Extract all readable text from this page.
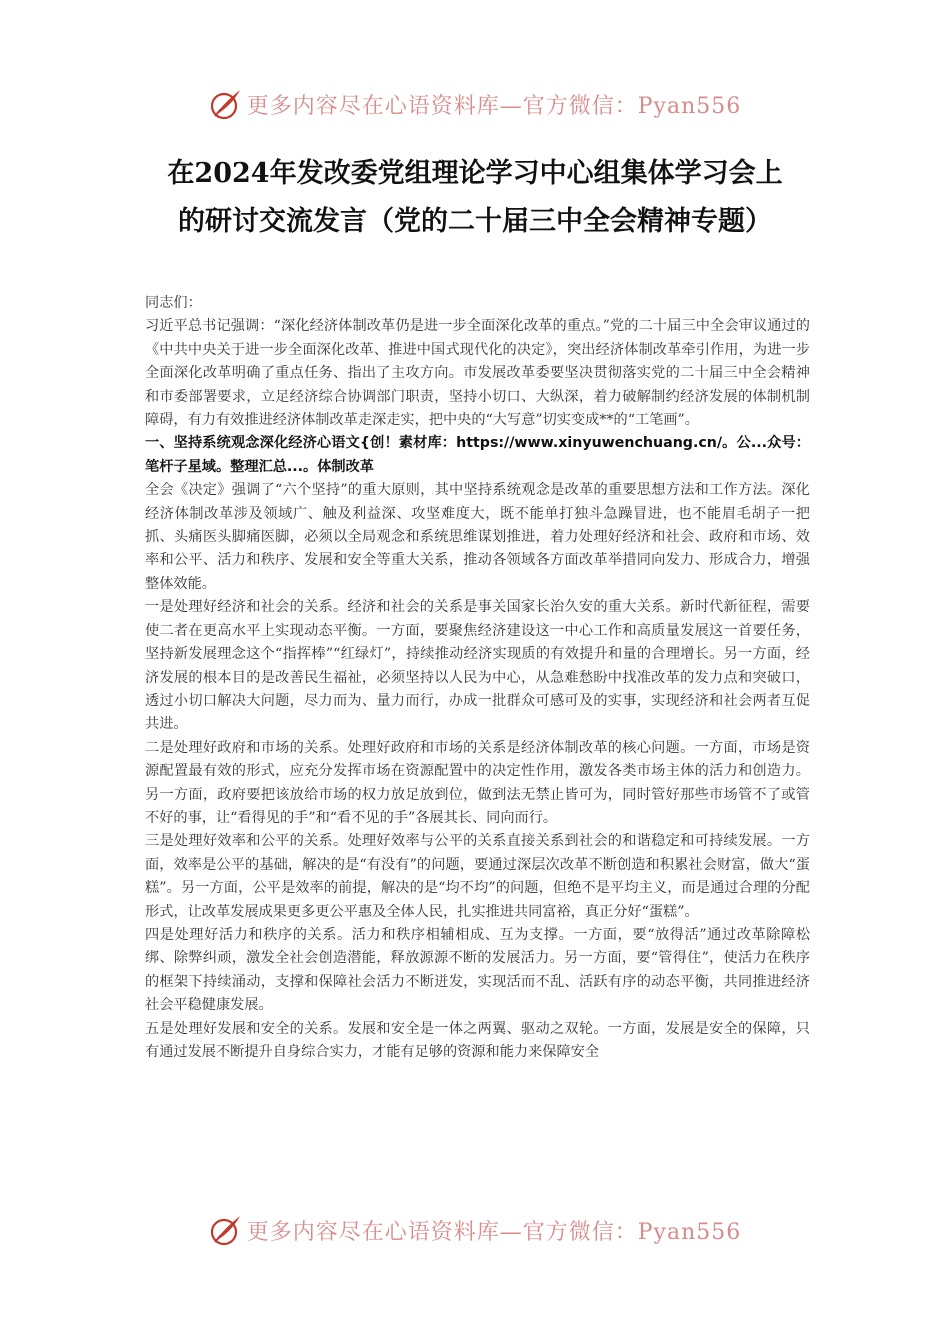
更多内容尽在心语资料库—官方微信：Pyan556
在2024年发改委党组理论学习中心组集体学习会上
的研讨交流发言（党的二十届三中全会精神专题）

同志们：

习近平总书记强调：“深化经济体制改革仍是进一步全面深化改革的重点。”党的二十届三中全会审议通过的《中共中央关于进一步全面深化改革、推进中国式现代化的决定》，突出经济体制改革牵引作用，为进一步全面深化改革明确了重点任务、指出了主攻方向。市发展改革委要坚决贯彻落实党的二十届三中全会精神和市委部署要求，立足经济综合协调部门职责，坚持小切口、大纵深，着力破解制约经济发展的体制机制障碍，有力有效推进经济体制改革走深走实，把中央的“大写意”切实变成**的“工笔画”。

一、坚持系统观念深化经济心语文{创！素材库：https://www.xinyuwenchuang.cn/。公...众号：笔杆子星域。整理汇总...。体制改革

全会《决定》强调了“六个坚持”的重大原则，其中坚持系统观念是改革的重要思想方法和工作方法。深化经济体制改革涉及领域广、触及利益深、攻坚难度大，既不能单打独斗急躁冒进，也不能眉毛胡子一把抓、头痛医头脚痛医脚，必须以全局观念和系统思维谋划推进，着力处理好经济和社会、政府和市场、效率和公平、活力和秩序、发展和安全等重大关系，推动各领域各方面改革举措同向发力、形成合力，增强整体效能。

一是处理好经济和社会的关系。经济和社会的关系是事关国家长治久安的重大关系。新时代新征程，需要使二者在更高水平上实现动态平衡。一方面，要聚焦经济建设这一中心工作和高质量发展这一首要任务，坚持新发展理念这个“指挥棒”“红绿灯”，持续推动经济实现质的有效提升和量的合理增长。另一方面，经济发展的根本目的是改善民生福祉，必须坚持以人民为中心，从急难愁盼中找准改革的发力点和突破口，透过小切口解决大问题，尽力而为、量力而行，办成一批群众可感可及的实事，实现经济和社会两者互促共进。

二是处理好政府和市场的关系。处理好政府和市场的关系是经济体制改革的核心问题。一方面，市场是资源配置最有效的形式，应充分发挥市场在资源配置中的决定性作用，激发各类市场主体的活力和创造力。另一方面，政府要把该放给市场的权力放足放到位，做到法无禁止皆可为，同时管好那些市场管不了或管不好的事，让“看得见的手”和“看不见的手”各展其长、同向而行。

三是处理好效率和公平的关系。处理好效率与公平的关系直接关系到社会的和谐稳定和可持续发展。一方面，效率是公平的基础，解决的是“有没有”的问题，要通过深层次改革不断创造和积累社会财富，做大“蛋糕”。另一方面，公平是效率的前提，解决的是“均不均”的问题，但绝不是平均主义，而是通过合理的分配形式，让改革发展成果更多更公平惠及全体人民，扎实推进共同富裕，真正分好“蛋糕”。

四是处理好活力和秩序的关系。活力和秩序相辅相成、互为支撑。一方面，要“放得活”通过改革除障松绑、除弊纠顽，激发全社会创造潜能，释放源源不断的发展活力。另一方面，要“管得住”，使活力在秩序的框架下持续涌动，支撑和保障社会活力不断迸发，实现活而不乱、活跃有序的动态平衡，共同推进经济社会平稳健康发展。

五是处理好发展和安全的关系。发展和安全是一体之两翼、驱动之双轮。一方面，发展是安全的保障，只有通过发展不断提升自身综合实力，才能有足够的资源和能力来保障安全

更多内容尽在心语资料库—官方微信：Pyan556
